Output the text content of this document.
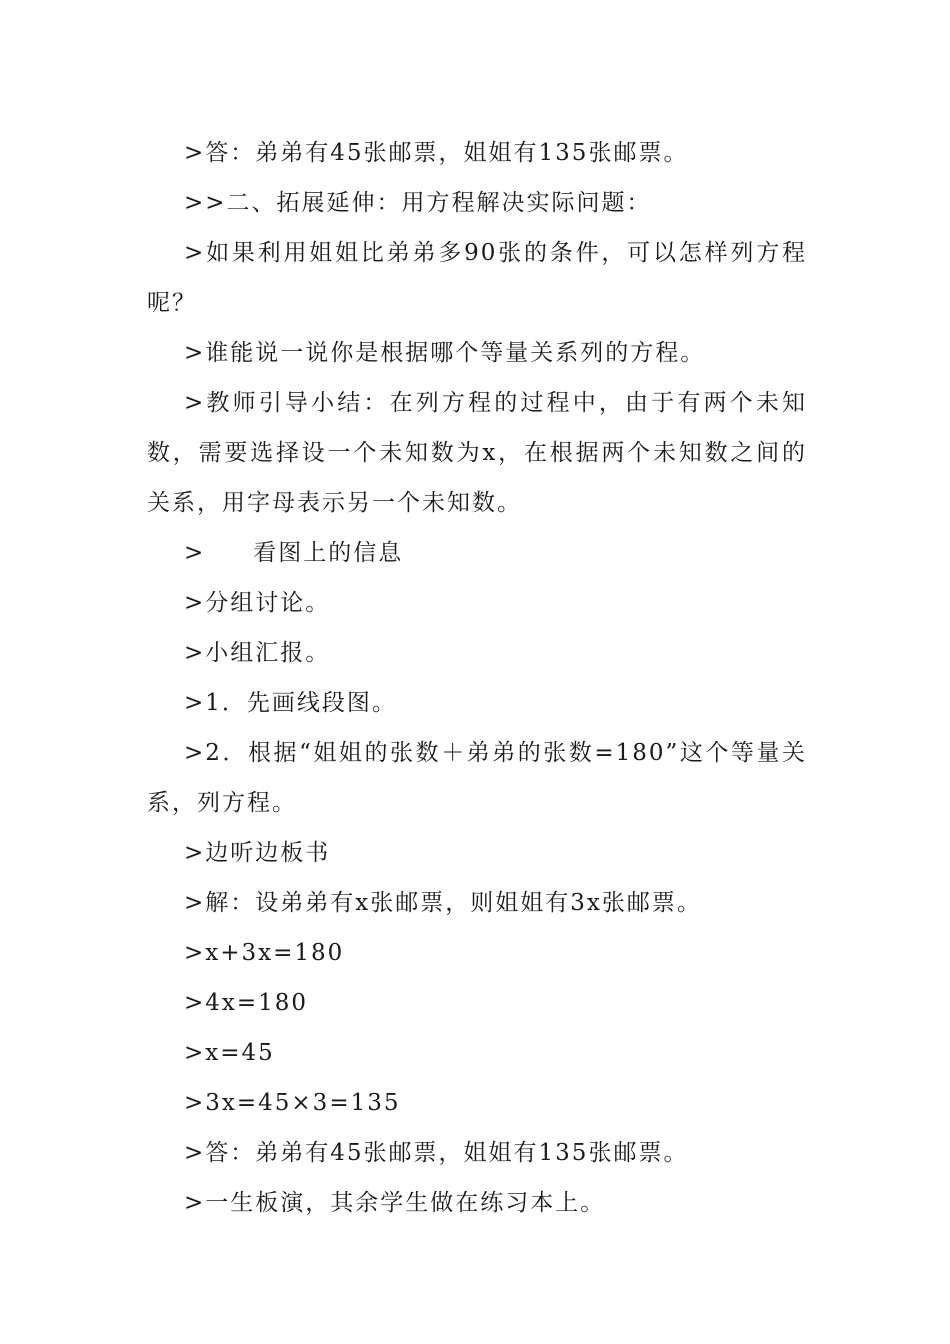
>答：弟弟有45张邮票，姐姐有135张邮票。

>>二、拓展延伸：用方程解决实际问题：

>如果利用姐姐比弟弟多90张的条件，可以怎样列方程呢？

>谁能说一说你是根据哪个等量关系列的方程。

>教师引导小结：在列方程的过程中，由于有两个未知数，需要选择设一个未知数为x，在根据两个未知数之间的关系，用字母表示另一个未知数。

> 看图上的信息

>分组讨论。

>小组汇报。

>1．先画线段图。

>2．根据“姐姐的张数＋弟弟的张数=180”这个等量关系，列方程。

>边听边板书

>解：设弟弟有x张邮票，则姐姐有3x张邮票。

>x+3x=180

>4x=180

>x=45

>3x=45×3=135

>答：弟弟有45张邮票，姐姐有135张邮票。

>一生板演，其余学生做在练习本上。
